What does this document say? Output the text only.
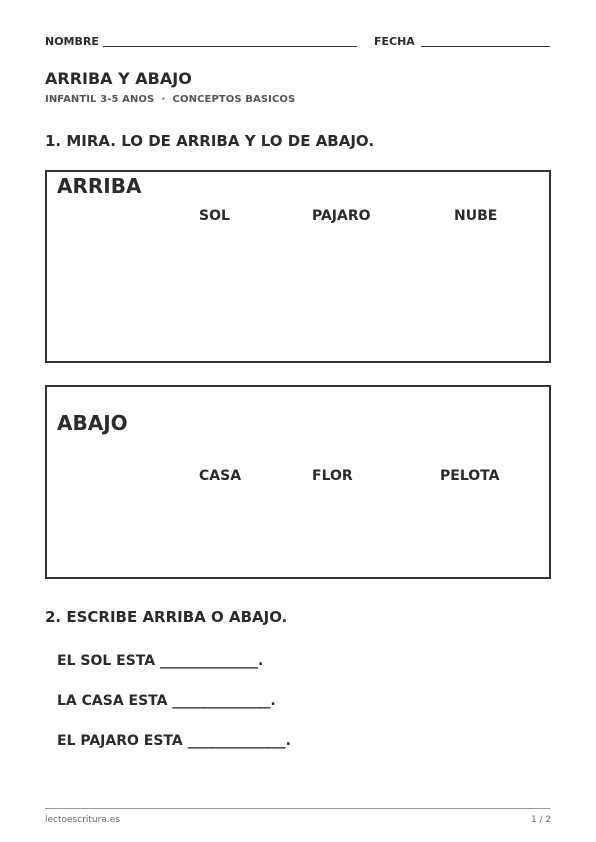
NOMBRE	FECHA
ARRIBA Y ABAJO
INFANTIL 3-5 ANOS  ·  CONCEPTOS BASICOS
1. MIRA. LO DE ARRIBA Y LO DE ABAJO.
ARRIBA
SOL	PAJARO	NUBE
ABAJO
CASA	FLOR	PELOTA
2. ESCRIBE ARRIBA O ABAJO.
EL SOL ESTA ______________.
LA CASA ESTA ______________.
EL PAJARO ESTA ______________.
lectoescritura.es	1 / 2
